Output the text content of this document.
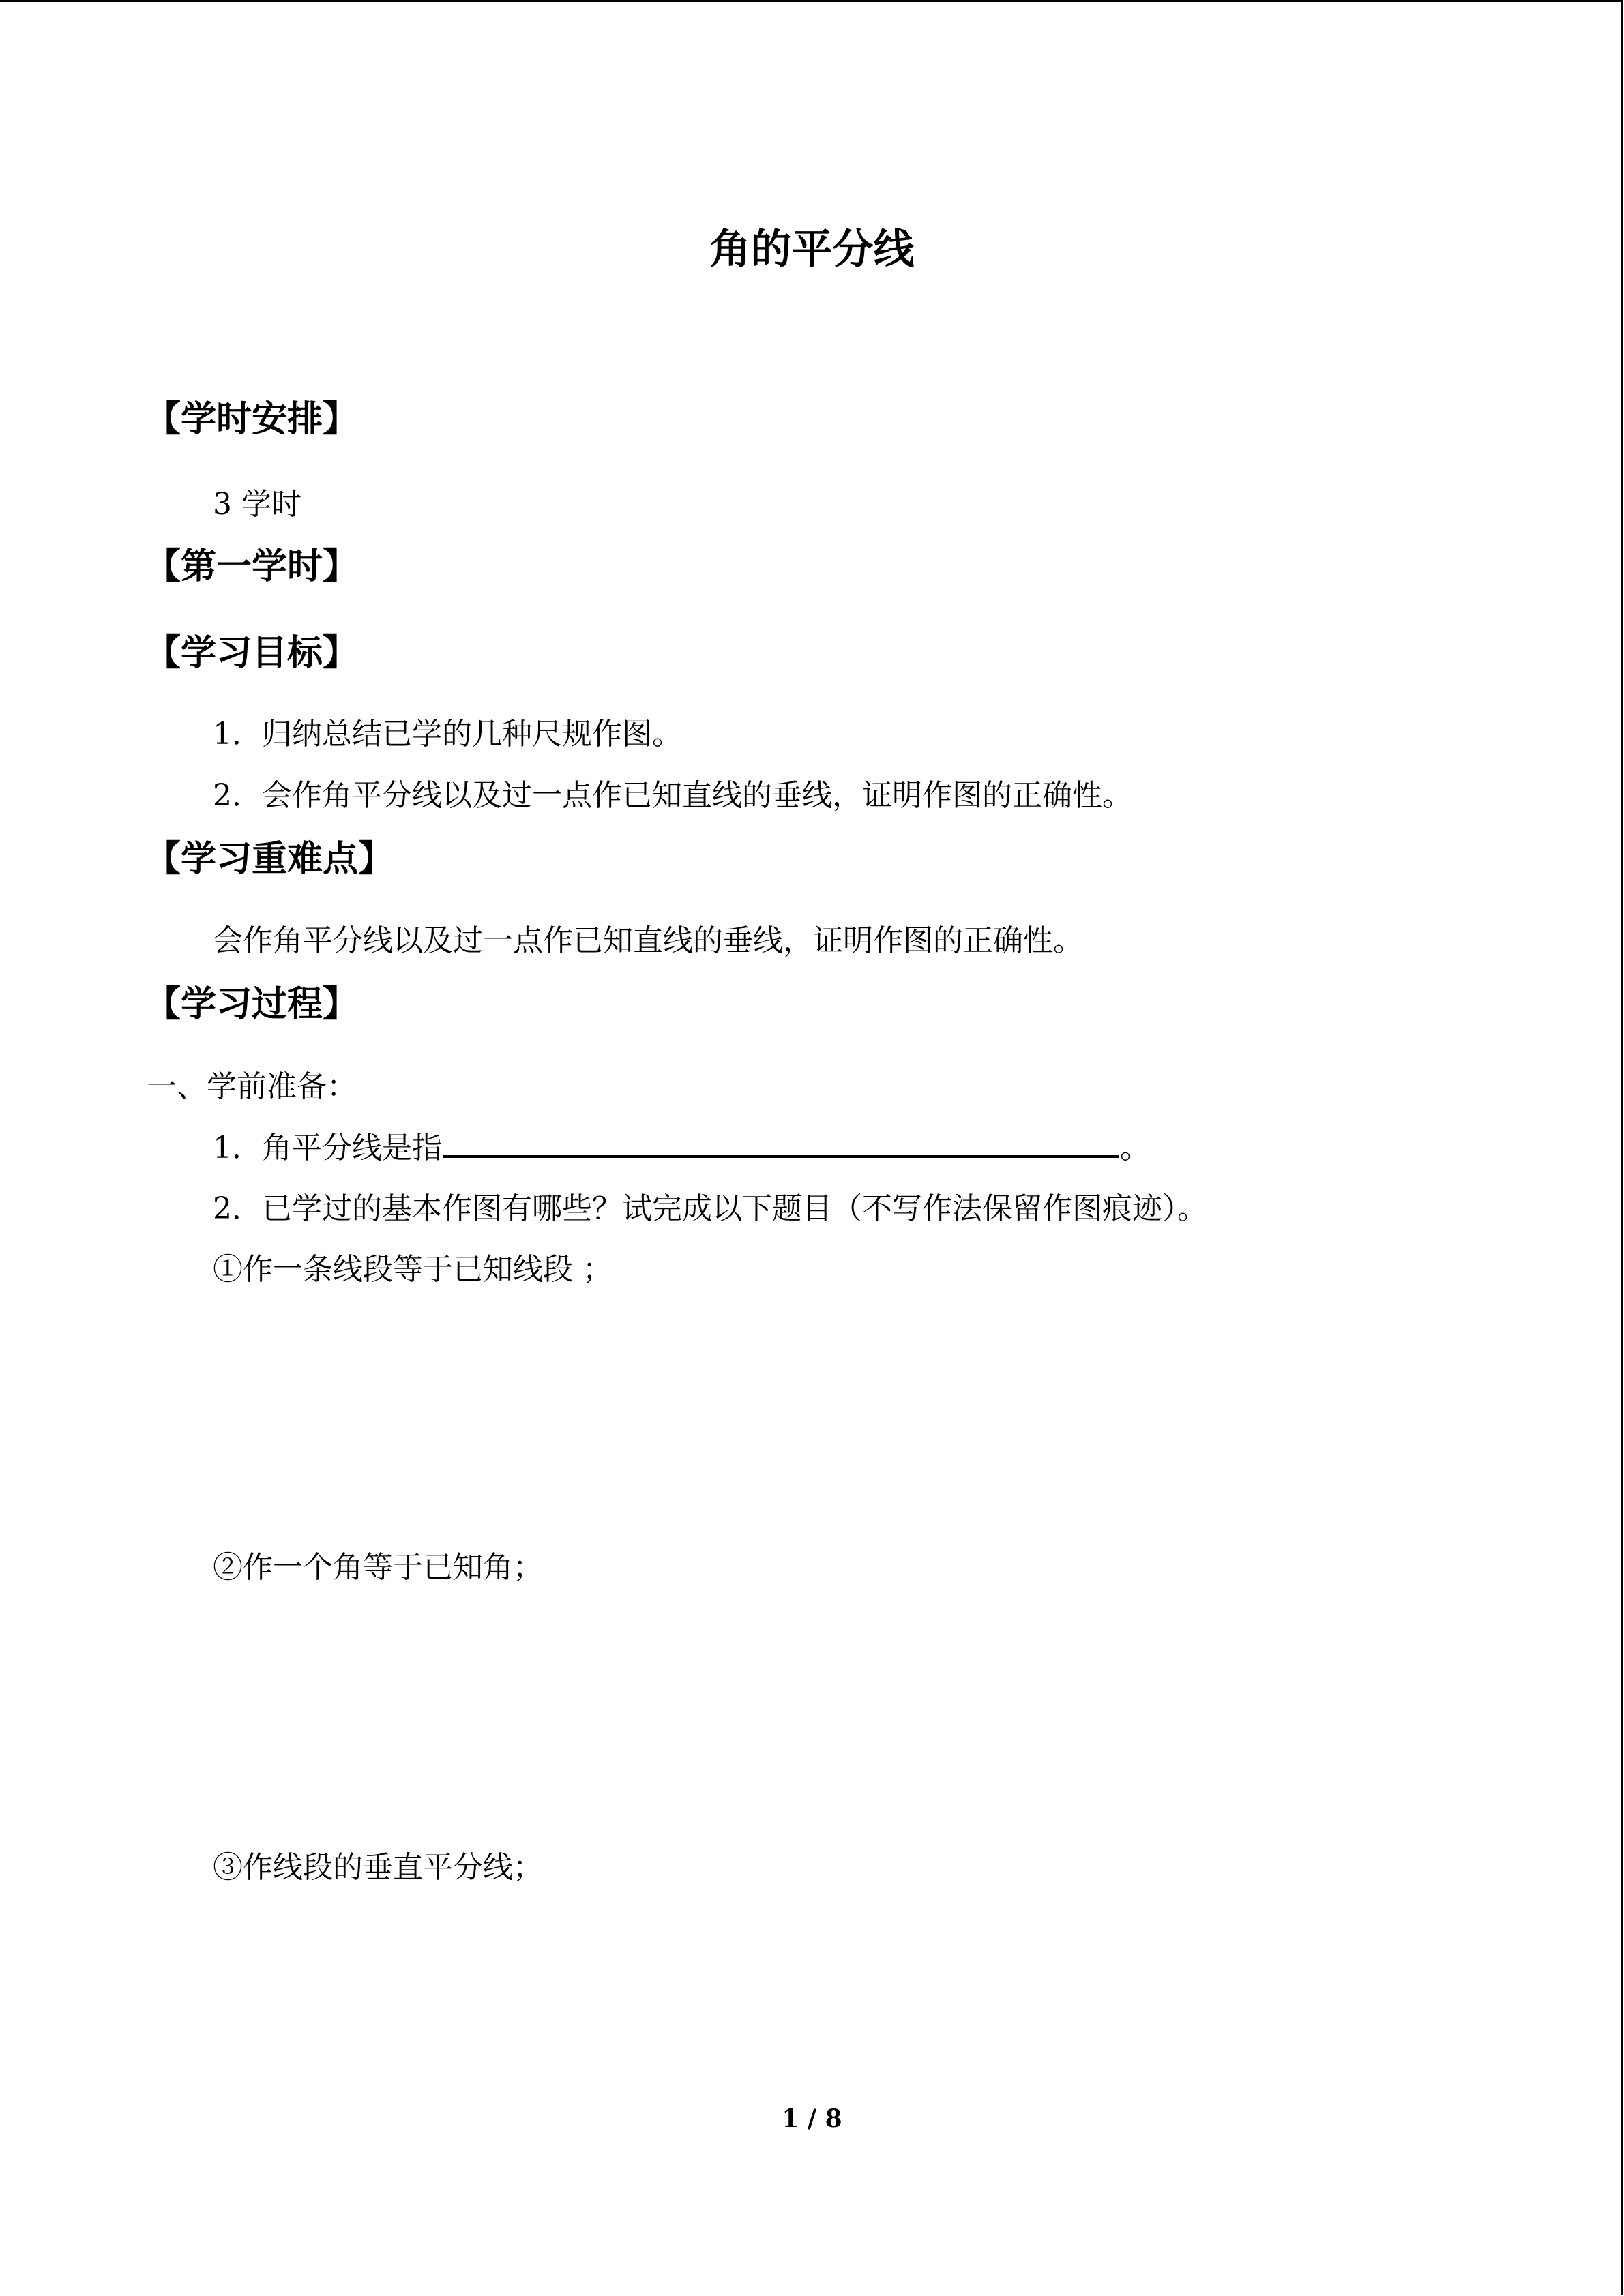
角的平分线
【学时安排】
3 学时
【第一学时】
【学习目标】
1．归纳总结已学的几种尺规作图。
2．会作角平分线以及过一点作已知直线的垂线，证明作图的正确性。
【学习重难点】
会作角平分线以及过一点作已知直线的垂线，证明作图的正确性。
【学习过程】
一、学前准备：
1．角平分线是指	。
2．已学过的基本作图有哪些？试完成以下题目（不写作法保留作图痕迹）。
①作一条线段等于已知线段 ；
②作一个角等于已知角；
③作线段的垂直平分线；
1 / 8
